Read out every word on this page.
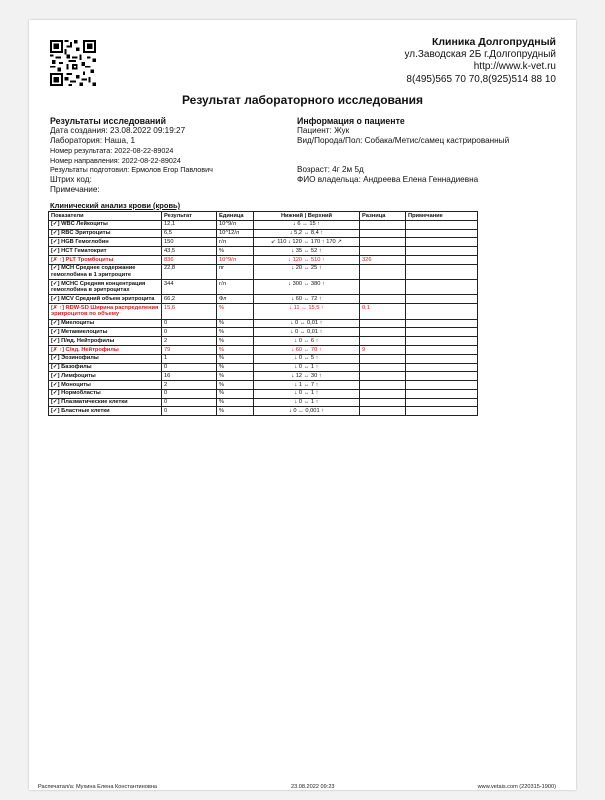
Клиника Долгопрудный
ул.Заводская 2Б г.Долгопрудный
http://www.k-vet.ru
8(495)565 70 70,8(925)514 88 10
Результат лабораторного исследования
Результаты исследований
Дата создания: 23.08.2022 09:19:27
Лаборатория: Наша, 1
Номер результата: 2022-08-22-89024
Номер направления: 2022-08-22-89024
Результаты подготовил: Ермолов Егор Павлович
Штрих код:
Примечание:
Информация о пациенте
Пациент: Жук
Вид/Порода/Пол: Собака/Метис/самец кастрированный
Возраст: 4г 2м 5д
ФИО владельца: Андреева Елена Геннадиевна
Клинический анализ крови (кровь)
Показатели	Результат	Единица	Нижний | Верхний	Разница	Примечание
[✓] WBC Лейкоциты	12,1	10^9/л	↓ 6 ↔ 15 ↑		
[✓] RBC Эритроциты	6,5	10^12/л	↓ 5,2 ↔ 8,4 ↑		
[✓] HGB Гемоглобин	150	г/л	↙ 110 ↓ 120 ↔ 170 ↑ 170 ↗		
[✓] HCT Гематокрит	43,5	%	↓ 35 ↔ 52 ↑		
[✗ ↑] PLT Тромбоциты	836	10^9/л	↓ 120 ↔ 510 ↑	326	
[✓] MCH Среднее содержание гемоглобина в 1 эритроците	22,8	пг	↓ 20 ↔ 25 ↑		
[✓] MCHC Средняя концентрация гемоглобина в эритроцитах	344	г/л	↓ 300 ↔ 380 ↑		
[✓] MCV Средний объем эритроцита	66,2	Фл	↓ 60 ↔ 72 ↑		
[✗ ↑] RDW-SD Ширина распределения эритроцитов по объему	15,6	%	↓ 11 ↔ 15,5 ↑	0,1	
[✓] Миелоциты	0	%	↓ 0 ↔ 0,01 ↑		
[✓] Метамиелоциты	0	%	↓ 0 ↔ 0,01 ↑		
[✓] П/яд. Нейтрофилы	2	%	↓ 0 ↔ 6 ↑		
[✗ ↑] С/яд. Нейтрофилы	79	%	↓ 60 ↔ 70 ↑	9	
[✓] Эозинофилы	1	%	↓ 0 ↔ 5 ↑		
[✓] Базофилы	0	%	↓ 0 ↔ 1 ↑		
[✓] Лимфоциты	16	%	↓ 12 ↔ 30 ↑		
[✓] Моноциты	2	%	↓ 1 ↔ 7 ↑		
[✓] Нормобласты	0	%	↓ 0 ↔ 1 ↑		
[✓] Плазматические клетки	0	%	↓ 0 ↔ 1 ↑		
[✓] Бластные клетки	0	%	↓ 0 ↔ 0,001 ↑		
Распечатал/а: Мухина Елена Константиновна	23.08.2022 09:23	www.vetais.com (220315-1900)
